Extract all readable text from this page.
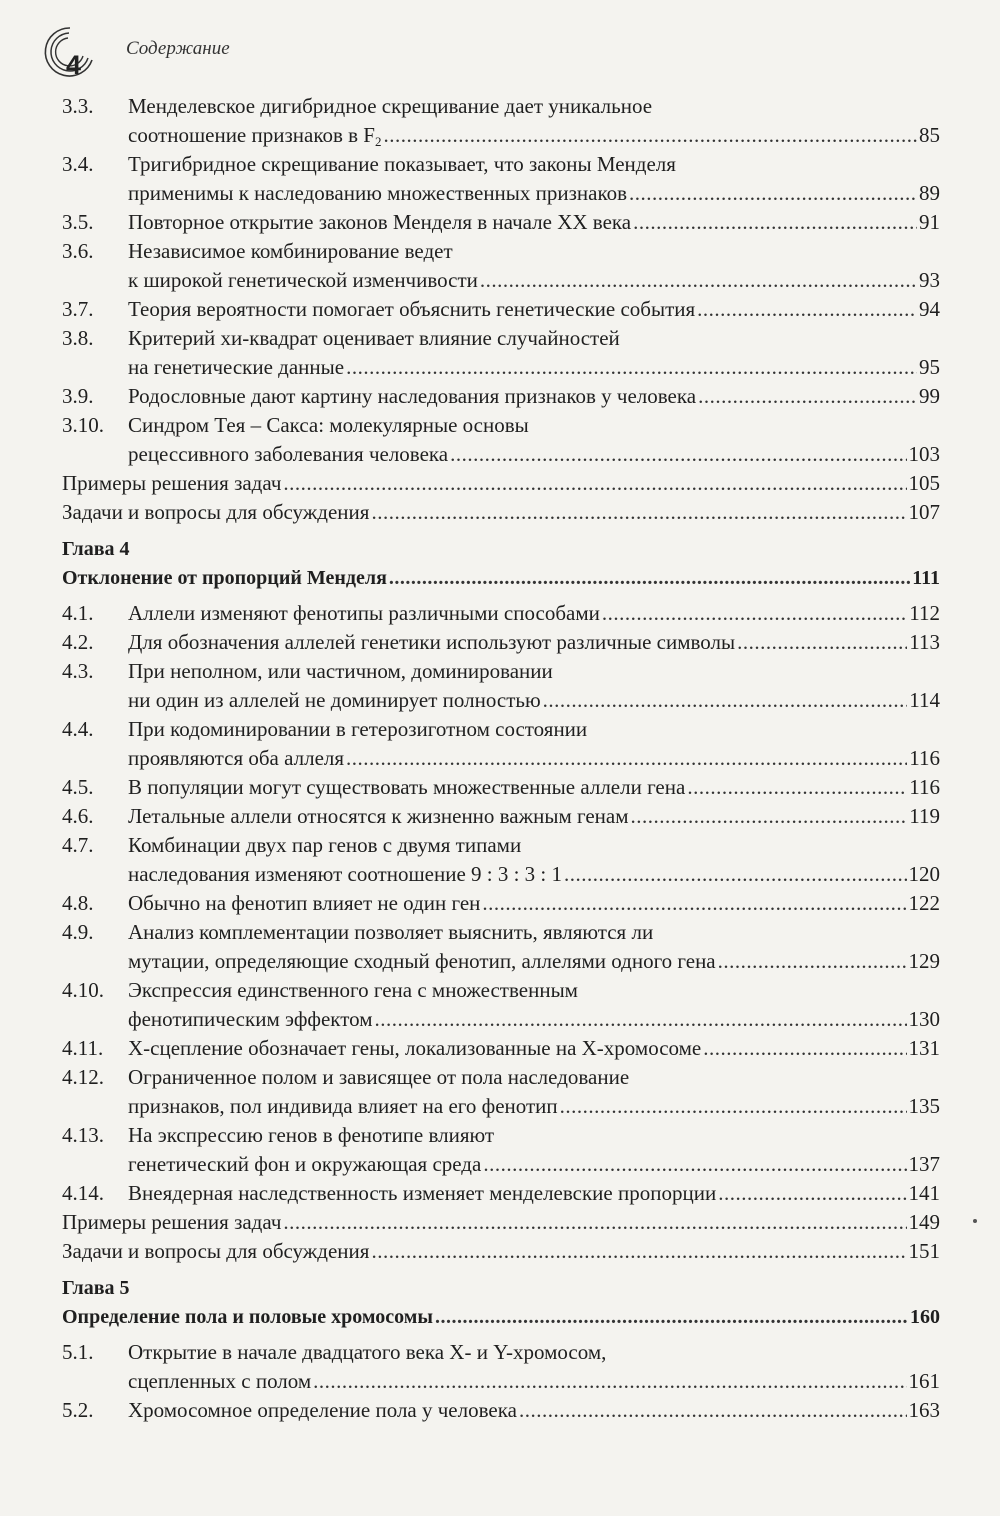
4
Содержание
3.3. Менделевское дигибридное скрещивание дает уникальное
соотношение признаков в $F_2$ .....	85
3.4. Тригибридное скрещивание показывает, что законы Менделя
применимы к наследованию множественных признаков .....	89
3.5. Повторное открытие законов Менделя в начале XX века .....	91
3.6. Независимое комбинирование ведет
к широкой генетической изменчивости .....	93
3.7. Теория вероятности помогает объяснить генетические события .....	94
3.8. Критерий хи-квадрат оценивает влияние случайностей
на генетические данные .....	95
3.9. Родословные дают картину наследования признаков у человека .....	99
3.10. Синдром Тея – Сакса: молекулярные основы
рецессивного заболевания человека .....	103
Примеры решения задач .....	105
Задачи и вопросы для обсуждения .....	107
Глава 4
Отклонение от пропорций Менделя .....	111
4.1. Аллели изменяют фенотипы различными способами .....	112
4.2. Для обозначения аллелей генетики используют различные символы .....	113
4.3. При неполном, или частичном, доминировании
ни один из аллелей не доминирует полностью .....	114
4.4. При кодоминировании в гетерозиготном состоянии
проявляются оба аллеля .....	116
4.5. В популяции могут существовать множественные аллели гена .....	116
4.6. Летальные аллели относятся к жизненно важным генам .....	119
4.7. Комбинации двух пар генов с двумя типами
наследования изменяют соотношение 9 : 3 : 3 : 1 .....	120
4.8. Обычно на фенотип влияет не один ген .....	122
4.9. Анализ комплементации позволяет выяснить, являются ли
мутации, определяющие сходный фенотип, аллелями одного гена .....	129
4.10. Экспрессия единственного гена с множественным
фенотипическим эффектом .....	130
4.11. X-сцепление обозначает гены, локализованные на X-хромосоме .....	131
4.12. Ограниченное полом и зависящее от пола наследование
признаков, пол индивида влияет на его фенотип .....	135
4.13. На экспрессию генов в фенотипе влияют
генетический фон и окружающая среда .....	137
4.14. Внеядерная наследственность изменяет менделевские пропорции .....	141
Примеры решения задач .....	149
Задачи и вопросы для обсуждения .....	151
Глава 5
Определение пола и половые хромосомы .....	160
5.1. Открытие в начале двадцатого века X- и Y-хромосом,
сцепленных с полом .....	161
5.2. Хромосомное определение пола у человека .....	163
